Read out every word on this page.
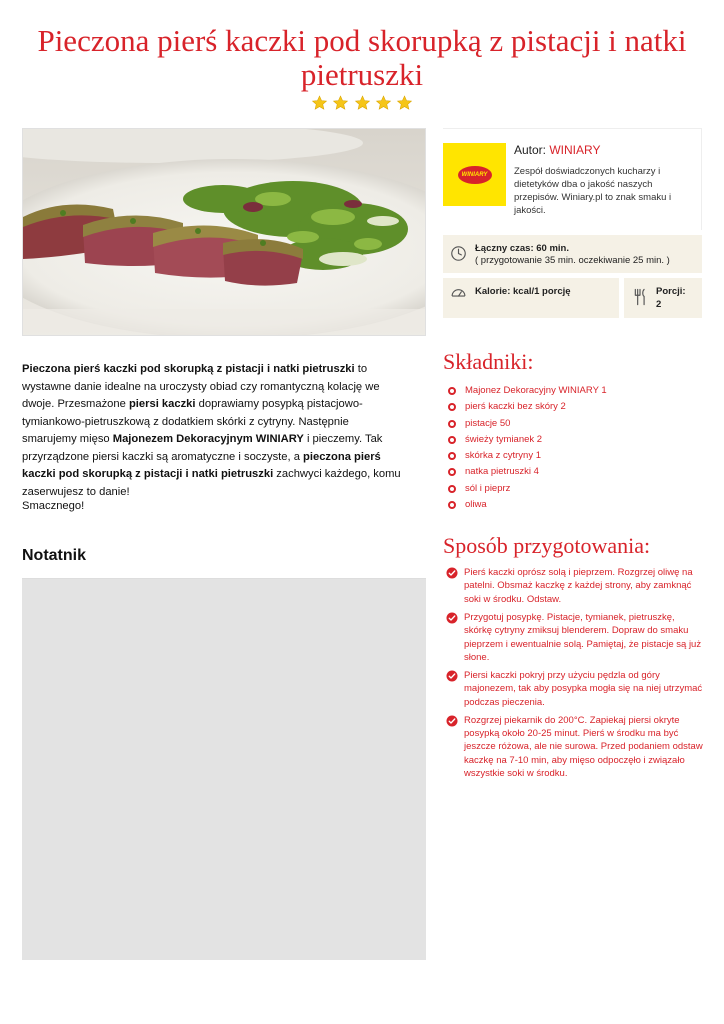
Pieczona pierś kaczki pod skorupką z pistacji i natki pietruszki

WINIARY
Autor: WINIARY
Zespół doświadczonych kucharzy i dietetyków dba o jakość naszych przepisów. Winiary.pl to znak smaku i jakości.
Łączny czas: 60 min.
( przygotowanie 35 min. oczekiwanie 25 min. )
Kalorie: kcal/1 porcję	Porcji:
2
Pieczona pierś kaczki pod skorupką z pistacji i natki pietruszki to wystawne danie idealne na uroczysty obiad czy romantyczną kolację we dwoje. Przesmażone piersi kaczki doprawiamy posypką pistacjowo-tymiankowo-pietruszkową z dodatkiem skórki z cytryny. Następnie smarujemy mięso Majonezem Dekoracyjnym WINIARY i pieczemy. Tak przyrządzone piersi kaczki są aromatyczne i soczyste, a pieczona pierś kaczki pod skorupką z pistacji i natki pietruszki zachwyci każdego, komu zaserwujesz to danie!
Smacznego!
Notatnik
Składniki:
Majonez Dekoracyjny WINIARY 1
pierś kaczki bez skóry 2
pistacje 50
świeży tymianek 2
skórka z cytryny 1
natka pietruszki 4
sól i pieprz
oliwa
Sposób przygotowania:
Pierś kaczki oprósz solą i pieprzem. Rozgrzej oliwę na patelni. Obsmaż kaczkę z każdej strony, aby zamknąć soki w środku. Odstaw.
Przygotuj posypkę. Pistacje, tymianek, pietruszkę, skórkę cytryny zmiksuj blenderem. Dopraw do smaku pieprzem i ewentualnie solą. Pamiętaj, że pistacje są już słone.
Piersi kaczki pokryj przy użyciu pędzla od góry majonezem, tak aby posypka mogła się na niej utrzymać podczas pieczenia.
Rozgrzej piekarnik do 200°C. Zapiekaj piersi okryte posypką około 20-25 minut. Pierś w środku ma być jeszcze różowa, ale nie surowa. Przed podaniem odstaw kaczkę na 7-10 min, aby mięso odpoczęło i związało wszystkie soki w środku.
